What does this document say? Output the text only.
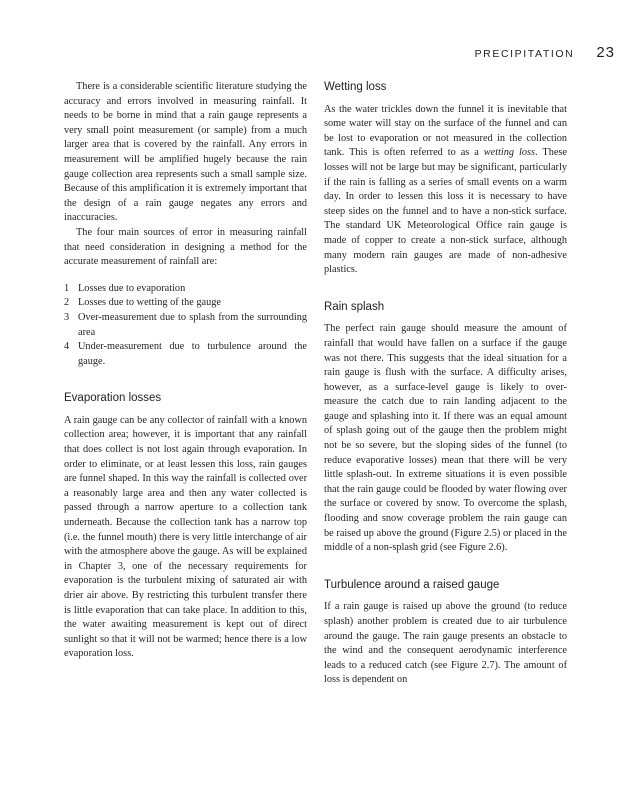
PRECIPITATION 23

There is a considerable scientific literature studying the accuracy and errors involved in measuring rainfall. It needs to be borne in mind that a rain gauge represents a very small point measurement (or sample) from a much larger area that is covered by the rainfall. Any errors in measurement will be amplified hugely because the rain gauge collection area represents such a small sample size. Because of this amplification it is extremely important that the design of a rain gauge negates any errors and inaccuracies.

The four main sources of error in measuring rainfall that need consideration in designing a method for the accurate measurement of rainfall are:

1 Losses due to evaporation
2 Losses due to wetting of the gauge
3 Over-measurement due to splash from the surrounding area
4 Under-measurement due to turbulence around the gauge.
Evaporation losses

A rain gauge can be any collector of rainfall with a known collection area; however, it is important that any rainfall that does collect is not lost again through evaporation. In order to eliminate, or at least lessen this loss, rain gauges are funnel shaped. In this way the rainfall is collected over a reasonably large area and then any water collected is passed through a narrow aperture to a collection tank underneath. Because the collection tank has a narrow top (i.e. the funnel mouth) there is very little interchange of air with the atmosphere above the gauge. As will be explained in Chapter 3, one of the necessary requirements for evaporation is the turbulent mixing of saturated air with drier air above. By restricting this turbulent transfer there is little evaporation that can take place. In addition to this, the water awaiting measurement is kept out of direct sunlight so that it will not be warmed; hence there is a low evaporation loss.

Wetting loss

As the water trickles down the funnel it is inevitable that some water will stay on the surface of the funnel and can be lost to evaporation or not measured in the collection tank. This is often referred to as a wetting loss. These losses will not be large but may be significant, particularly if the rain is falling as a series of small events on a warm day. In order to lessen this loss it is necessary to have steep sides on the funnel and to have a non-stick surface. The standard UK Meteorological Office rain gauge is made of copper to create a non-stick surface, although many modern rain gauges are made of non-adhesive plastics.

Rain splash

The perfect rain gauge should measure the amount of rainfall that would have fallen on a surface if the gauge was not there. This suggests that the ideal situation for a rain gauge is flush with the surface. A difficulty arises, however, as a surface-level gauge is likely to over-measure the catch due to rain landing adjacent to the gauge and splashing into it. If there was an equal amount of splash going out of the gauge then the problem might not be so severe, but the sloping sides of the funnel (to reduce evaporative losses) mean that there will be very little splash-out. In extreme situations it is even possible that the rain gauge could be flooded by water flowing over the surface or covered by snow. To overcome the splash, flooding and snow coverage problem the rain gauge can be raised up above the ground (Figure 2.5) or placed in the middle of a non-splash grid (see Figure 2.6).

Turbulence around a raised gauge

If a rain gauge is raised up above the ground (to reduce splash) another problem is created due to air turbulence around the gauge. The rain gauge presents an obstacle to the wind and the consequent aerodynamic interference leads to a reduced catch (see Figure 2.7). The amount of loss is dependent on
